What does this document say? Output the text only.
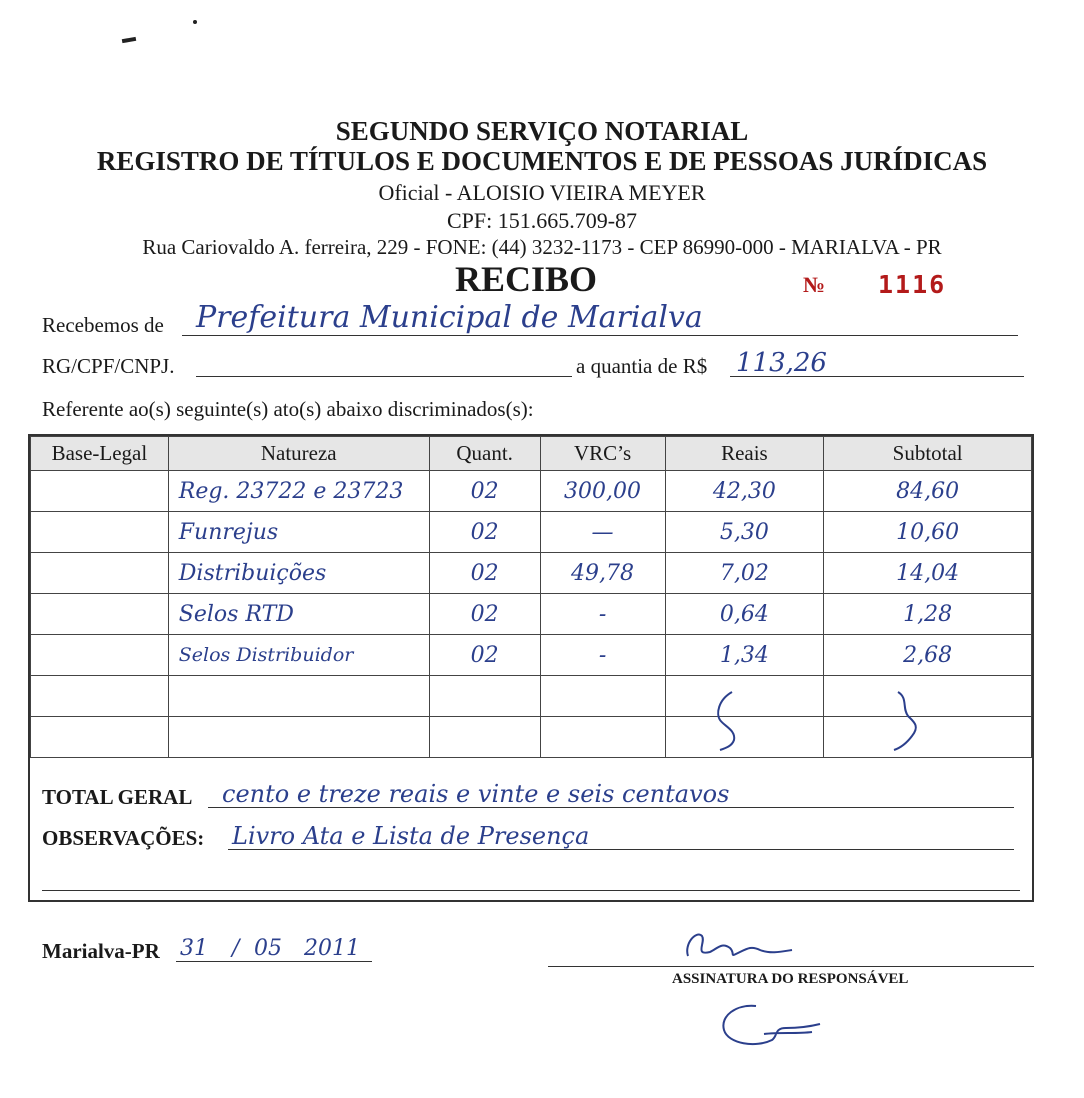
SEGUNDO SERVIÇO NOTARIAL
REGISTRO DE TÍTULOS E DOCUMENTOS E DE PESSOAS JURÍDICAS
Oficial - ALOISIO VIEIRA MEYER
CPF: 151.665.709-87
Rua Cariovaldo A. ferreira, 229 - FONE: (44) 3232-1173 - CEP 86990-000 - MARIALVA - PR
RECIBO	№ 1116
Recebemos de Prefeitura Municipal de Marialva
RG/CPF/CNPJ.	a quantia de R$ 113,26
Referente ao(s) seguinte(s) ato(s) abaixo discriminados(s):
Base-Legal	Natureza	Quant.	VRC’s	Reais	Subtotal
	Reg. 23722 e 23723	02	300,00	42,30	84,60
	Funrejus	02	—	5,30	10,60
	Distribuições	02	49,78	7,02	14,04
	Selos RTD	02	-	0,64	1,28
	Selos Distribuidor	02	-	1,34	2,68

TOTAL GERAL cento e treze reais e vinte e seis centavos
OBSERVAÇÕES: Livro Ata e Lista de Presença
Marialva-PR 31 / 05 2011
ASSINATURA DO RESPONSÁVEL
